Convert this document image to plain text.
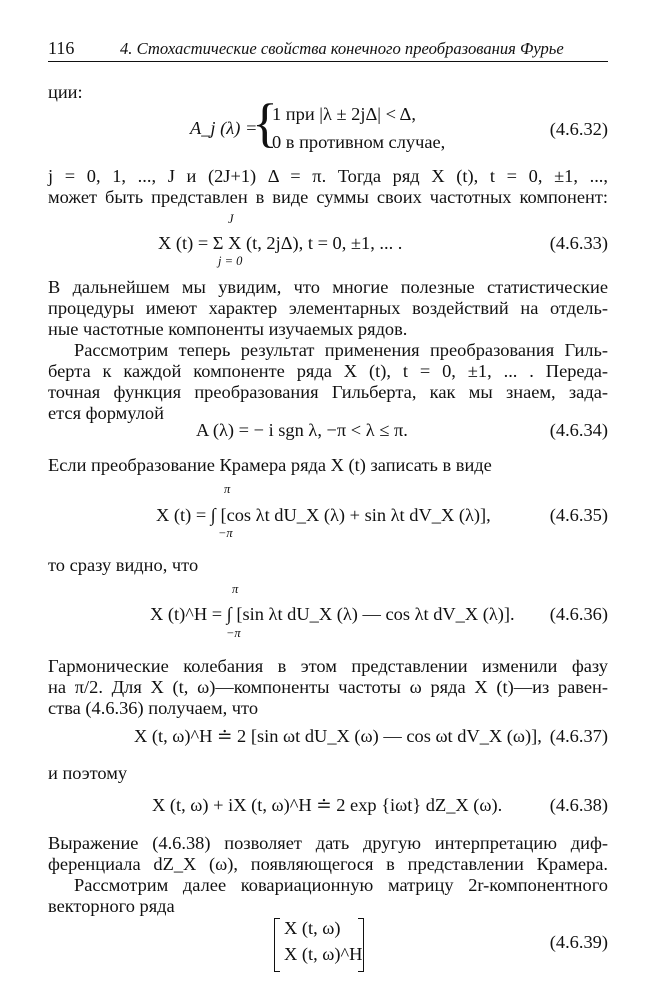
116	4. Стохастические свойства конечного преобразования Фурье
ции:
A_j (λ) =
{
1 при |λ ± 2jΔ| < Δ,
0 в противном случае,
(4.6.32)
j = 0, 1, ..., J и (2J+1) Δ = π. Тогда ряд X (t), t = 0, ±1, ...,
может быть представлен в виде суммы своих частотных компонент:
J
X (t) = Σ X (t, 2jΔ), t = 0, ±1, ... .
j = 0
(4.6.33)
В дальнейшем мы увидим, что многие полезные статистические
процедуры имеют характер элементарных воздействий на отдель-
ные частотные компоненты изучаемых рядов.
Рассмотрим теперь результат применения преобразования Гиль-
берта к каждой компоненте ряда X (t), t = 0, ±1, ... . Переда-
точная функция преобразования Гильберта, как мы знаем, зада-
ется формулой
A (λ) = − i sgn λ, −π < λ ≤ π.	(4.6.34)
Если преобразование Крамера ряда X (t) записать в виде
π
X (t) = ∫ [cos λt dU_X (λ) + sin λt dV_X (λ)],
−π
(4.6.35)
то сразу видно, что
π
X (t)^H = ∫ [sin λt dU_X (λ) — cos λt dV_X (λ)].
−π
(4.6.36)
Гармонические колебания в этом представлении изменили фазу
на π/2. Для X (t, ω)—компоненты частоты ω ряда X (t)—из равен-
ства (4.6.36) получаем, что
X (t, ω)^H ≐ 2 [sin ωt dU_X (ω) — cos ωt dV_X (ω)], (4.6.37)
и поэтому
X (t, ω) + iX (t, ω)^H ≐ 2 exp {iωt} dZ_X (ω).	(4.6.38)
Выражение (4.6.38) позволяет дать другую интерпретацию диф-
ференциала dZ_X (ω), появляющегося в представлении Крамера.
Рассмотрим далее ковариационную матрицу 2r-компонентного
векторного ряда
X (t, ω)
X (t, ω)^H
(4.6.39)
